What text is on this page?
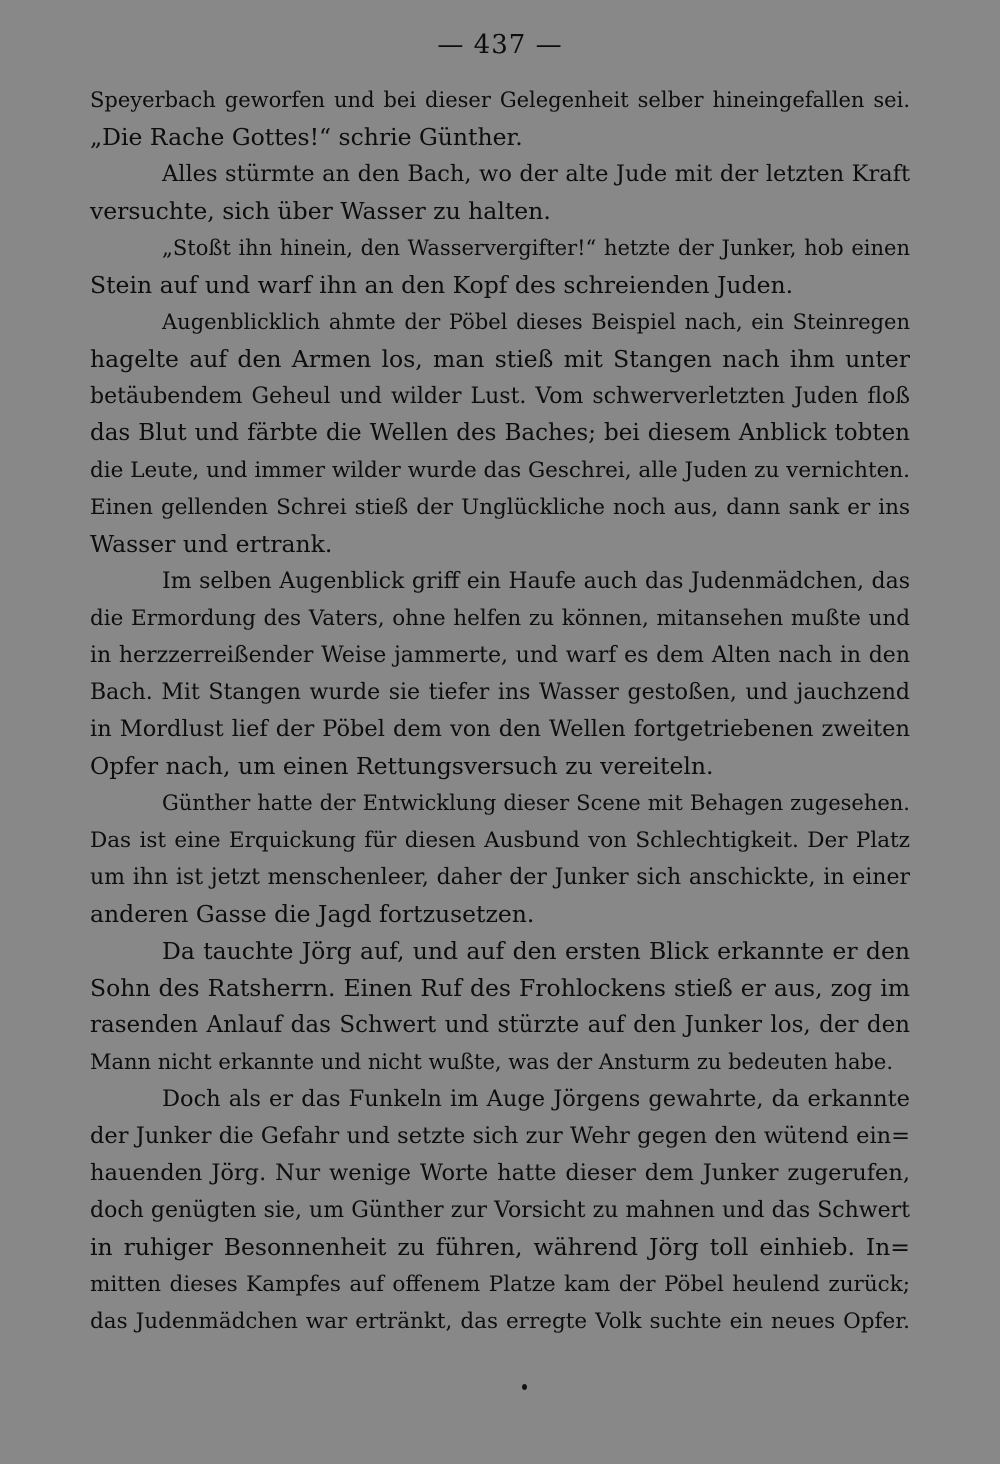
— 437 —
Speyerbach geworfen und bei dieser Gelegenheit selber hineingefallen sei.
„Die Rache Gottes!“ schrie Günther.
Alles stürmte an den Bach, wo der alte Jude mit der letzten Kraft
versuchte, sich über Wasser zu halten.
„Stoßt ihn hinein, den Wasservergifter!“ hetzte der Junker, hob einen
Stein auf und warf ihn an den Kopf des schreienden Juden.
Augenblicklich ahmte der Pöbel dieses Beispiel nach, ein Steinregen
hagelte auf den Armen los, man stieß mit Stangen nach ihm unter
betäubendem Geheul und wilder Lust. Vom schwerverletzten Juden floß
das Blut und färbte die Wellen des Baches; bei diesem Anblick tobten
die Leute, und immer wilder wurde das Geschrei, alle Juden zu vernichten.
Einen gellenden Schrei stieß der Unglückliche noch aus, dann sank er ins
Wasser und ertrank.
Im selben Augenblick griff ein Haufe auch das Judenmädchen, das
die Ermordung des Vaters, ohne helfen zu können, mitansehen mußte und
in herzzerreißender Weise jammerte, und warf es dem Alten nach in den
Bach. Mit Stangen wurde sie tiefer ins Wasser gestoßen, und jauchzend
in Mordlust lief der Pöbel dem von den Wellen fortgetriebenen zweiten
Opfer nach, um einen Rettungsversuch zu vereiteln.
Günther hatte der Entwicklung dieser Scene mit Behagen zugesehen.
Das ist eine Erquickung für diesen Ausbund von Schlechtigkeit. Der Platz
um ihn ist jetzt menschenleer, daher der Junker sich anschickte, in einer
anderen Gasse die Jagd fortzusetzen.
Da tauchte Jörg auf, und auf den ersten Blick erkannte er den
Sohn des Ratsherrn. Einen Ruf des Frohlockens stieß er aus, zog im
rasenden Anlauf das Schwert und stürzte auf den Junker los, der den
Mann nicht erkannte und nicht wußte, was der Ansturm zu bedeuten habe.
Doch als er das Funkeln im Auge Jörgens gewahrte, da erkannte
der Junker die Gefahr und setzte sich zur Wehr gegen den wütend ein=
hauenden Jörg. Nur wenige Worte hatte dieser dem Junker zugerufen,
doch genügten sie, um Günther zur Vorsicht zu mahnen und das Schwert
in ruhiger Besonnenheit zu führen, während Jörg toll einhieb. In=
mitten dieses Kampfes auf offenem Platze kam der Pöbel heulend zurück;
das Judenmädchen war ertränkt, das erregte Volk suchte ein neues Opfer.
